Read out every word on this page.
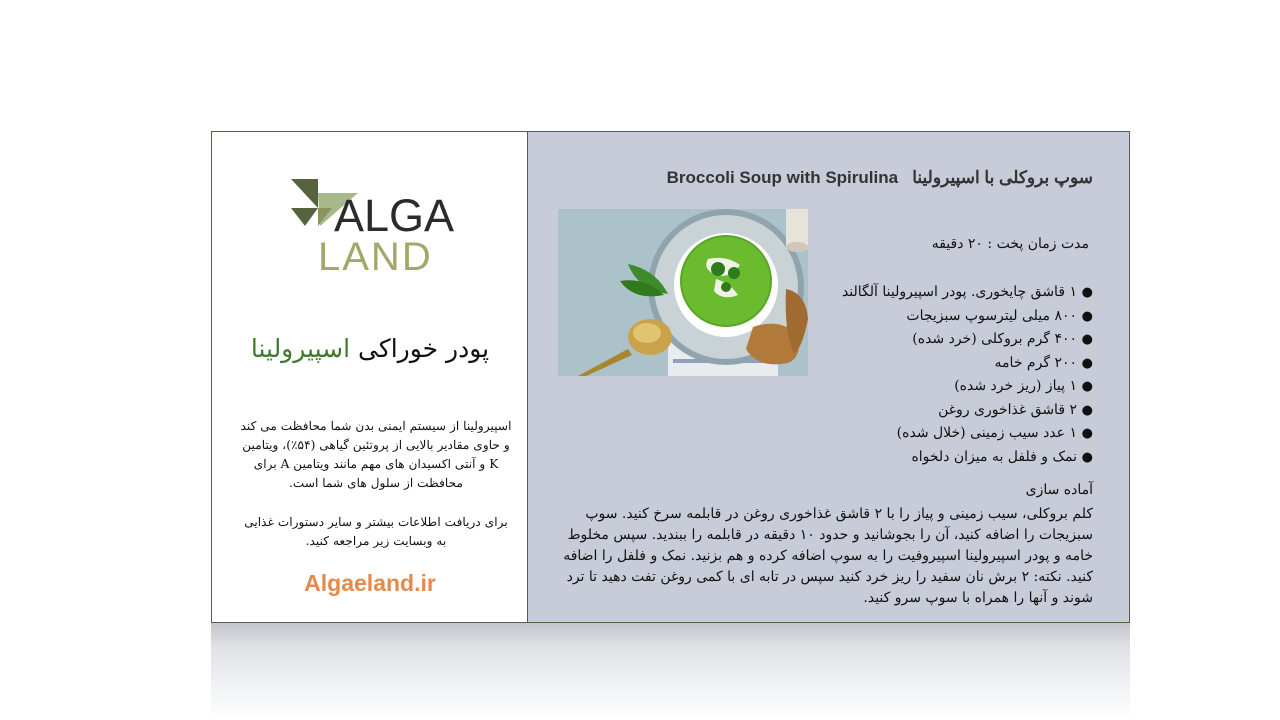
ALGA
LAND
پودر خوراکی اسپیرولینا
اسپیرولینا از سیستم ایمنی بدن شما محافظت می کند و حاوی مقادیر بالایی از پروتئین گیاهی (۵۴٪)، ویتامین K و آنتی اکسیدان های مهم مانند ویتامین A برای محافظت از سلول های شما است.
برای دریافت اطلاعات بیشتر و سایر دستورات غذایی به وبسایت زیر مراجعه کنید.
Algaeland.ir
Broccoli Soup with Spirulina سوپ بروکلی با اسپیرولینا
مدت زمان پخت : ۲۰ دقیقه
●۱ قاشق چایخوری. پودر اسپیرولینا آلگالند
●۸۰۰ میلی لیترسوپ سبزیجات
●۴۰۰ گرم بروکلی (خرد شده)
●۲۰۰ گرم خامه
●۱ پیاز (ریز خرد شده)
●۲ قاشق غذاخوری روغن
●۱ عدد سیب زمینی (خلال شده)
●نمک و فلفل به میزان دلخواه
آماده سازی
کلم بروکلی، سیب زمینی و پیاز را با ۲ قاشق غذاخوری روغن در قابلمه سرخ کنید. سوپ سبزیجات را اضافه کنید، آن را بجوشانید و حدود ۱۰ دقیقه در قابلمه را ببندید. سپس مخلوط خامه و پودر اسپیرولینا اسپیروفیت را به سوپ اضافه کرده و هم بزنید. نمک و فلفل را اضافه کنید. نکته: ۲ برش نان سفید را ریز خرد کنید سپس در تابه ای با کمی روغن تفت دهید تا ترد شوند و آنها را همراه با سوپ سرو کنید.
